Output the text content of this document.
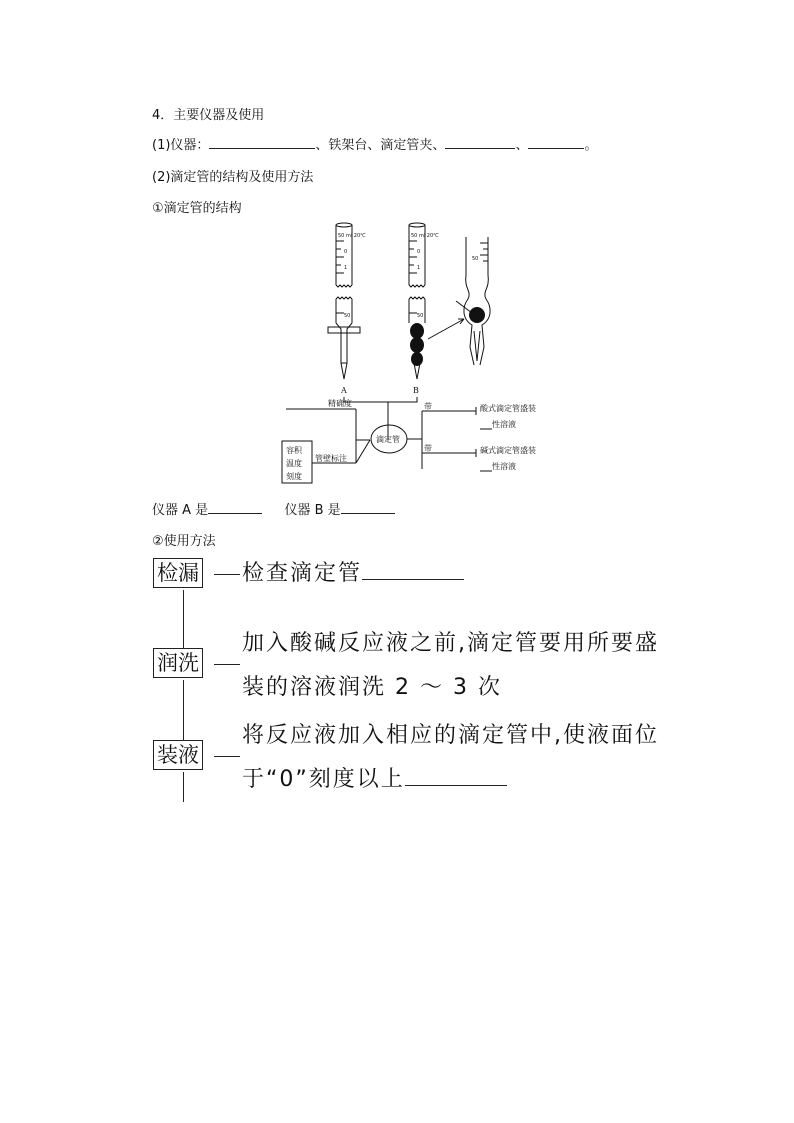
4．主要仪器及使用
(1)仪器：	、铁架台、滴定管夹、	、	。
(2)滴定管的结构及使用方法
①滴定管的结构
50 ml 20℃
0
1
50
A
50 ml 20℃
0
1
50
B
50
精确度
滴定管
管壁标注
容积
温度
刻度
带	酸式滴定管盛装
性溶液
带	碱式滴定管盛装
性溶液
仪器 A 是	仪器 B 是
②使用方法
检漏 检查滴定管
润洗
加入酸碱反应液之前,滴定管要用所要盛
装的溶液润洗 2 ～ 3 次
装液
将反应液加入相应的滴定管中,使液面位
于“0”刻度以上
